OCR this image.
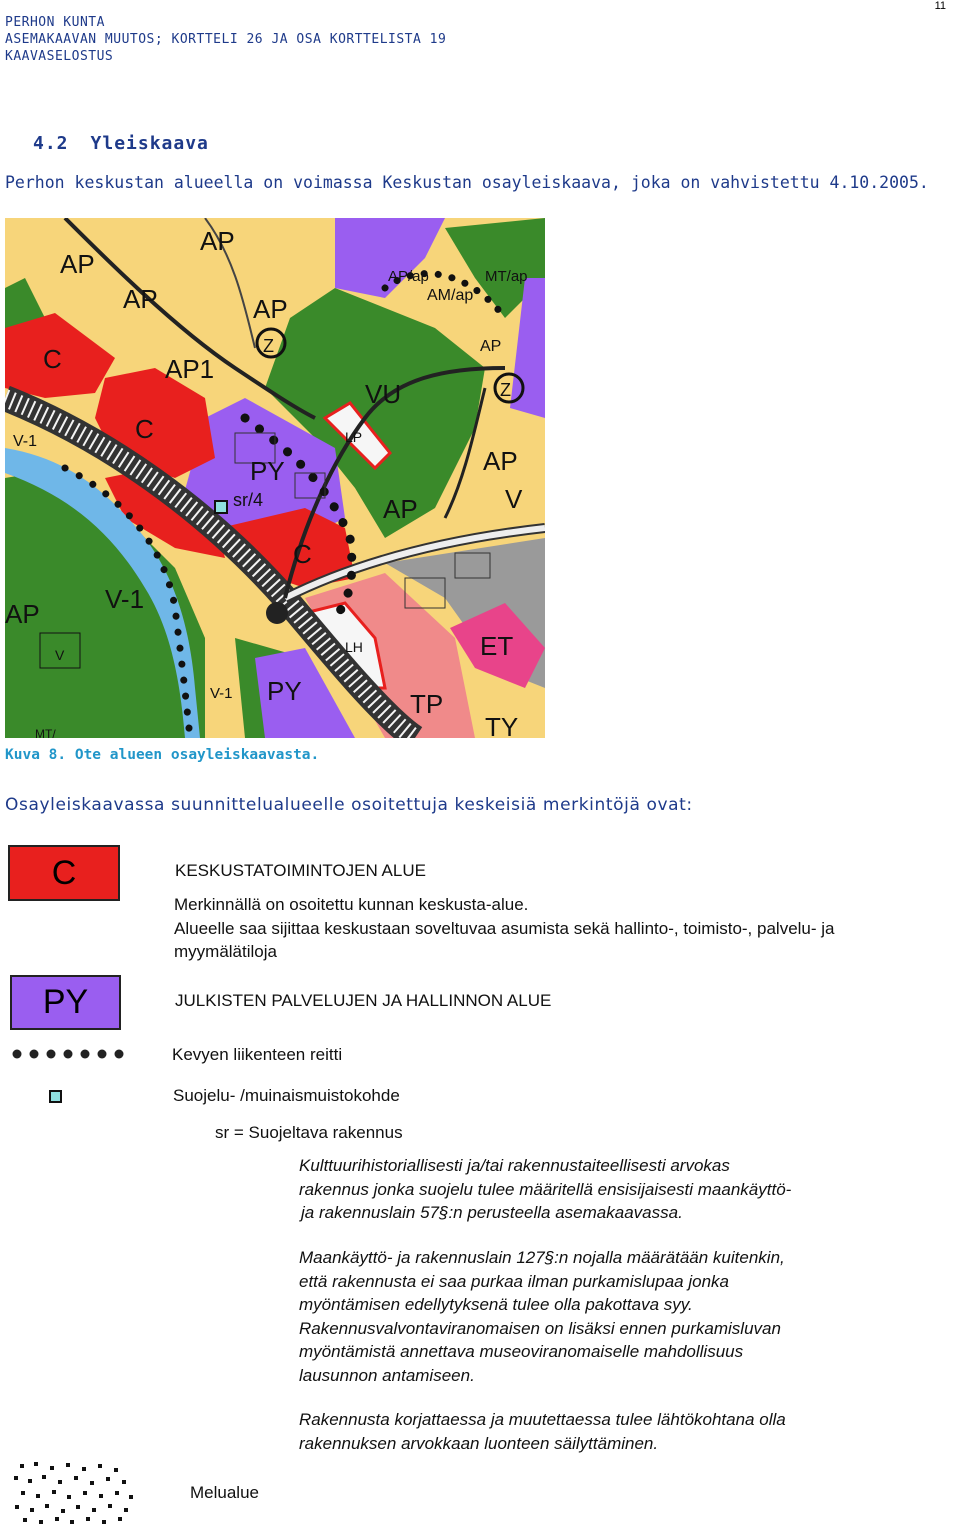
PERHON KUNTA
ASEMAKAAVAN MUUTOS; KORTTELI 26 JA OSA KORTTELISTA 19
KAAVASELOSTUS
11
4.2 Yleiskaava
Perhon keskustan alueella on voimassa Keskustan osayleiskaava, joka on vahvistettu 4.10.2005.
AP
AP
AP	AP
AP
AP1
C
C
C
PY
sr/4
VU
LP
AP
AP/ap	MT/ap
AM/ap
AP
V-1
V-1
V-1
AP
V
PY
LH
TP
ET
TY
V
MT/
Z
Z
Kuva 8. Ote alueen osayleiskaavasta.
Osayleiskaavassa suunnittelualueelle osoitettuja keskeisiä merkintöjä ovat:
C	KESKUSTATOIMINTOJEN ALUE
Merkinnällä on osoitettu kunnan keskusta-alue.
Alueelle saa sijittaa keskustaan soveltuvaa asumista sekä hallinto-, toimisto-, palvelu- ja
myymälätiloja
PY	JULKISTEN PALVELUJEN JA HALLINNON ALUE
Kevyen liikenteen reitti
Suojelu- /muinaismuistokohde
sr = Suojeltava rakennus
Kulttuurihistoriallisesti ja/tai rakennustaiteellisesti arvokas
rakennus jonka suojelu tulee määritellä ensisijaisesti maankäyttö-
ja rakennuslain 57§:n perusteella asemakaavassa.
Maankäyttö- ja rakennuslain 127§:n nojalla määrätään kuitenkin,
että rakennusta ei saa purkaa ilman purkamislupaa jonka
myöntämisen edellytyksenä tulee olla pakottava syy.
Rakennusvalvontaviranomaisen on lisäksi ennen purkamisluvan
myöntämistä annettava museoviranomaiselle mahdollisuus
lausunnon antamiseen.
Rakennusta korjattaessa ja muutettaessa tulee lähtökohtana olla
rakennuksen arvokkaan luonteen säilyttäminen.
Melualue
